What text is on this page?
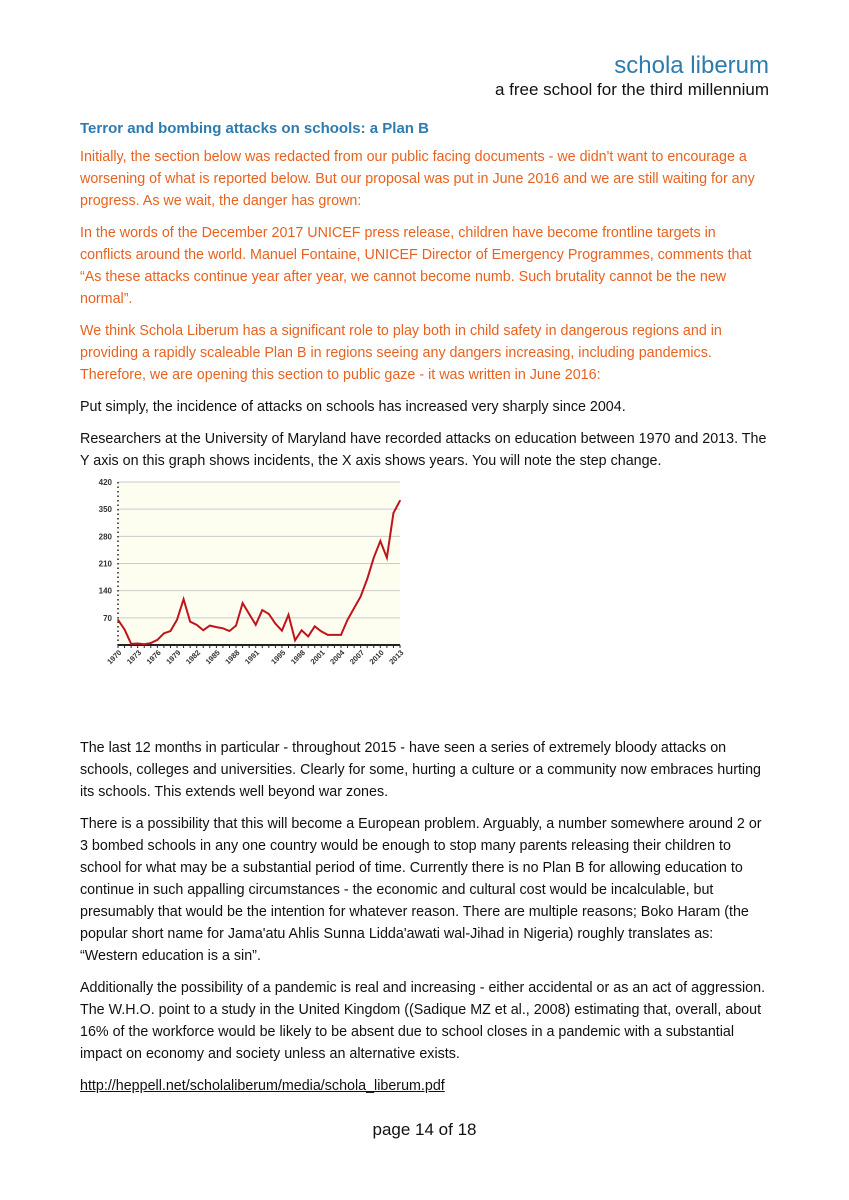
schola liberum
a free school for the third millennium
Terror and bombing attacks on schools: a Plan B

Initially, the section below was redacted from our public facing documents - we didn't want to encourage a worsening of what is reported below. But our proposal was put in June 2016 and we are still waiting for any progress. As we wait, the danger has grown:

In the words of the December 2017 UNICEF press release, children have become frontline targets in conflicts around the world. Manuel Fontaine, UNICEF Director of Emergency Programmes, comments that “As these attacks continue year after year, we cannot become numb. Such brutality cannot be the new normal”.

We think Schola Liberum has a significant role to play both in child safety in dangerous regions and in providing a rapidly scaleable Plan B in regions seeing any dangers increasing, including pandemics. Therefore, we are opening this section to public gaze - it was written in June 2016:

Put simply, the incidence of attacks on schools has increased very sharply since 2004.

Researchers at the University of Maryland have recorded attacks on education between 1970 and 2013. The Y axis on this graph shows incidents, the X axis shows years. You will note the step change.

The last 12 months in particular - throughout 2015 - have seen a series of extremely bloody attacks on schools, colleges and universities. Clearly for some, hurting a culture or a community now embraces hurting its schools. This extends well beyond war zones.

There is a possibility that this will become a European problem. Arguably, a number somewhere around 2 or 3 bombed schools in any one country would be enough to stop many parents releasing their children to school for what may be a substantial period of time. Currently there is no Plan B for allowing education to continue in such appalling circumstances - the economic and cultural cost would be incalculable, but presumably that would be the intention for whatever reason. There are multiple reasons; Boko Haram (the popular short name for Jama'atu Ahlis Sunna Lidda'awati wal-Jihad in Nigeria) roughly translates as: “Western education is a sin”.

Additionally the possibility of a pandemic is real and increasing - either accidental or as an act of aggression. The W.H.O. point to a study in the United Kingdom ((Sadique MZ et al., 2008) estimating that, overall, about 16% of the workforce would be likely to be absent due to school closes in a pandemic with a substantial impact on economy and society unless an alternative exists.

70
140
210
280
350
420
1970 1973 1976 1979 1982 1985 1988 1991 1995 1998 2001 2004 2007 2010 2013
http://heppell.net/scholaliberum/media/schola_liberum.pdf
page 14 of 18
